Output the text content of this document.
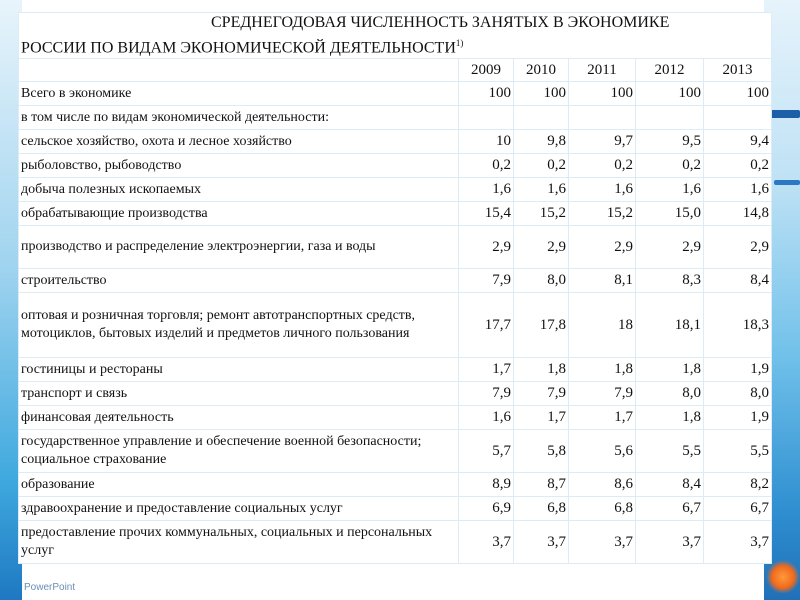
СРЕДНЕГОДОВАЯ ЧИСЛЕННОСТЬ ЗАНЯТЫХ В ЭКОНОМИКЕ
РОССИИ ПО ВИДАМ ЭКОНОМИЧЕСКОЙ ДЕЯТЕЛЬНОСТИ$^{1)}$

	2009	2010	2011	2012	2013
Всего в экономике	100	100	100	100	100
в том числе по видам экономической деятельности:					
сельское хозяйство, охота и лесное хозяйство	10	9,8	9,7	9,5	9,4
рыболовство, рыбоводство	0,2	0,2	0,2	0,2	0,2
добыча полезных ископаемых	1,6	1,6	1,6	1,6	1,6
обрабатывающие производства	15,4	15,2	15,2	15,0	14,8
производство и распределение электроэнергии, газа и воды	2,9	2,9	2,9	2,9	2,9
строительство	7,9	8,0	8,1	8,3	8,4
оптовая и розничная торговля; ремонт автотранспортных средств, мотоциклов, бытовых изделий и предметов личного пользования	17,7	17,8	18	18,1	18,3
гостиницы и рестораны	1,7	1,8	1,8	1,8	1,9
транспорт и связь	7,9	7,9	7,9	8,0	8,0
финансовая деятельность	1,6	1,7	1,7	1,8	1,9
государственное управление и обеспечение военной безопасности; социальное страхование	5,7	5,8	5,6	5,5	5,5
образование	8,9	8,7	8,6	8,4	8,2
здравоохранение и предоставление социальных услуг	6,9	6,8	6,8	6,7	6,7
предоставление прочих коммунальных, социальных и персональных услуг	3,7	3,7	3,7	3,7	3,7
PowerPoint
